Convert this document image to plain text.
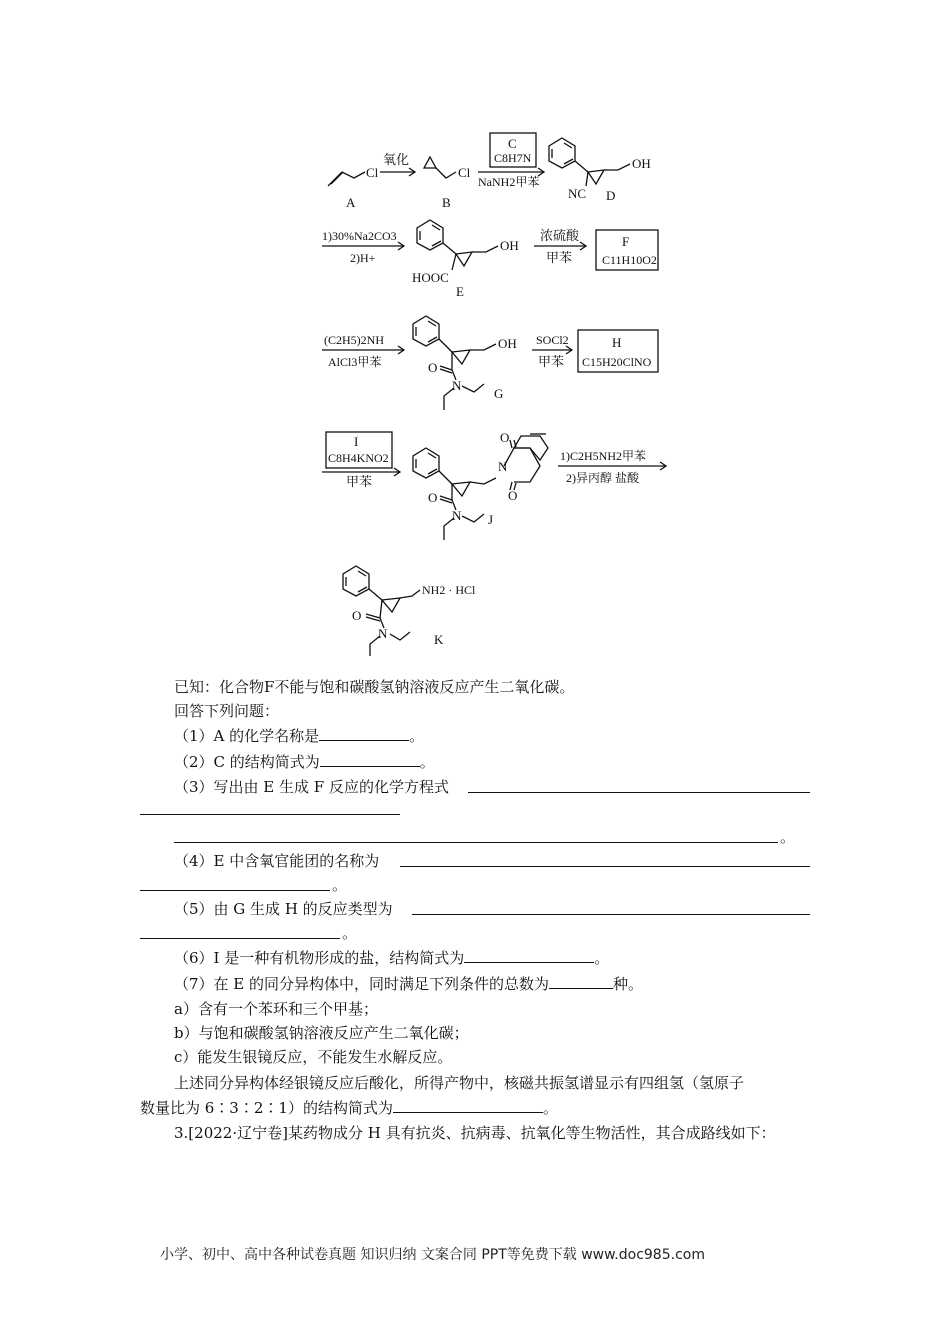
A
Cl
氧化
B
Cl
C
C8H7N
NaNH2甲苯
OH
NC D
1)30%Na2CO3
2)H+
OH
HOOC
E
浓硫酸
甲苯
F
C11H10O2
(C2H5)2NH
AlCl3甲苯
OH
O
N
G
SOCl2
甲苯
H
C15H20ClNO
I
C8H4KNO2
甲苯
O
N
O
O
N J
1)C2H5NH2甲苯
2)异丙醇 盐酸
NH2 · HCl
O
N	K
已知：化合物F不能与饱和碳酸氢钠溶液反应产生二氧化碳。
回答下列问题：
（1）A 的化学名称是	。
（2）C 的结构简式为	。
（3）写出由 E 生成 F 反应的化学方程式
。
（4）E 中含氧官能团的名称为
。
（5）由 G 生成 H 的反应类型为
。
（6）I 是一种有机物形成的盐，结构简式为	。
（7）在 E 的同分异构体中，同时满足下列条件的总数为	种。
a）含有一个苯环和三个甲基；
b）与饱和碳酸氢钠溶液反应产生二氧化碳；
c）能发生银镜反应，不能发生水解反应。
上述同分异构体经银镜反应后酸化，所得产物中，核磁共振氢谱显示有四组氢（氢原子
数量比为 6∶3∶2∶1）的结构简式为	。
3.[2022·辽宁卷]某药物成分 H 具有抗炎、抗病毒、抗氧化等生物活性，其合成路线如下：
小学、初中、高中各种试卷真题 知识归纳 文案合同 PPT等免费下载 www.doc985.com
